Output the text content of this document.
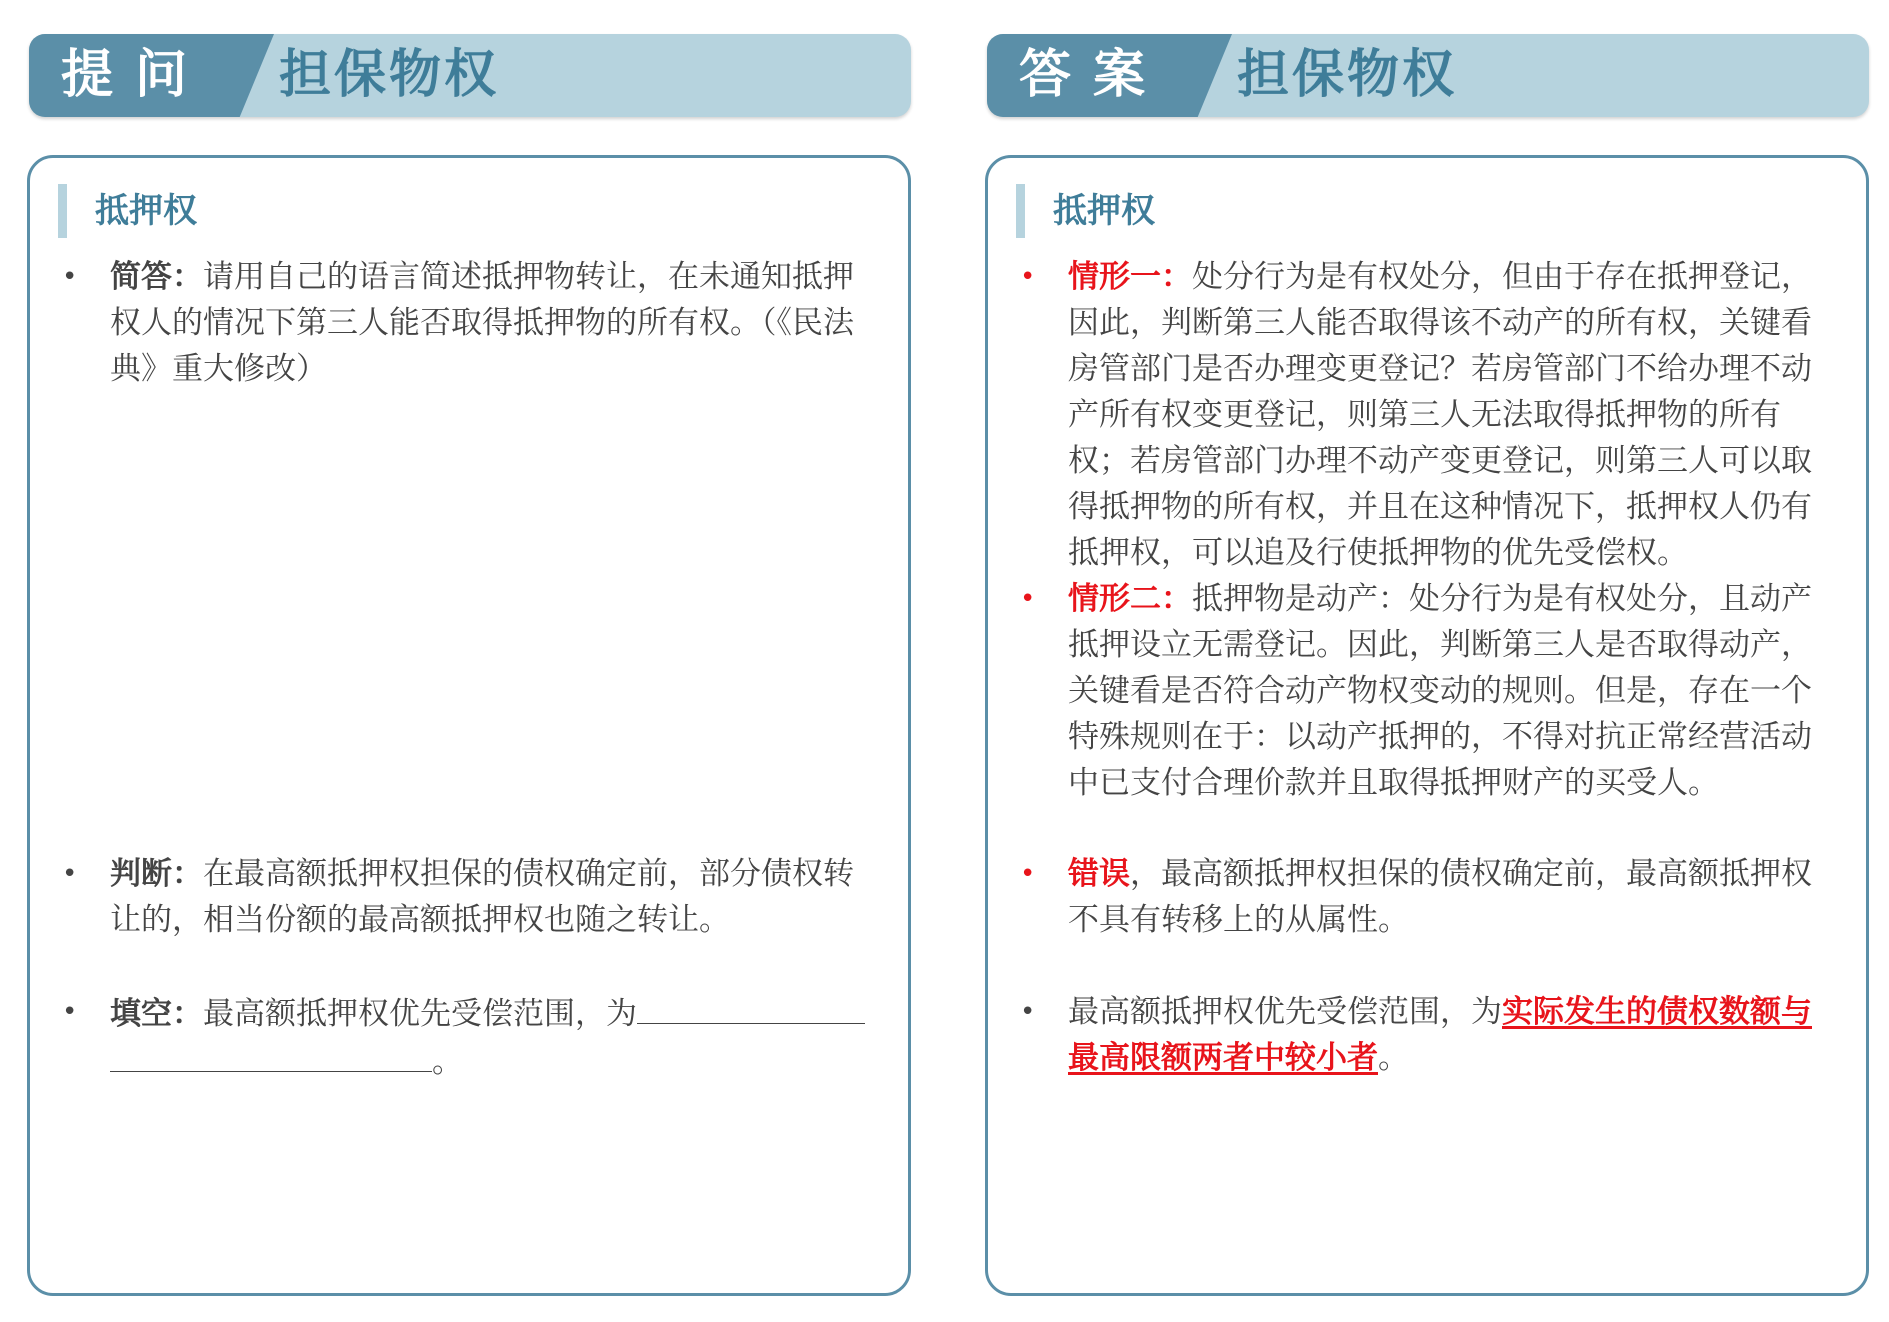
提问 担保物权
抵押权
• 简答：请用自己的语言简述抵押物转让，在未通知抵押权人的情况下第三人能否取得抵押物的所有权。（《民法典》重大修改）
• 判断：在最高额抵押权担保的债权确定前，部分债权转让的，相当份额的最高额抵押权也随之转让。
• 填空：最高额抵押权优先受偿范围，为
。
答案 担保物权
抵押权
• 情形一：处分行为是有权处分，但由于存在抵押登记，因此，判断第三人能否取得该不动产的所有权，关键看房管部门是否办理变更登记？若房管部门不给办理不动产所有权变更登记，则第三人无法取得抵押物的所有权；若房管部门办理不动产变更登记，则第三人可以取得抵押物的所有权，并且在这种情况下，抵押权人仍有抵押权，可以追及行使抵押物的优先受偿权。
• 情形二：抵押物是动产：处分行为是有权处分，且动产抵押设立无需登记。因此，判断第三人是否取得动产，关键看是否符合动产物权变动的规则。但是，存在一个特殊规则在于：以动产抵押的，不得对抗正常经营活动中已支付合理价款并且取得抵押财产的买受人。
• 错误，最高额抵押权担保的债权确定前，最高额抵押权不具有转移上的从属性。
• 最高额抵押权优先受偿范围，为实际发生的债权数额与最高限额两者中较小者。
